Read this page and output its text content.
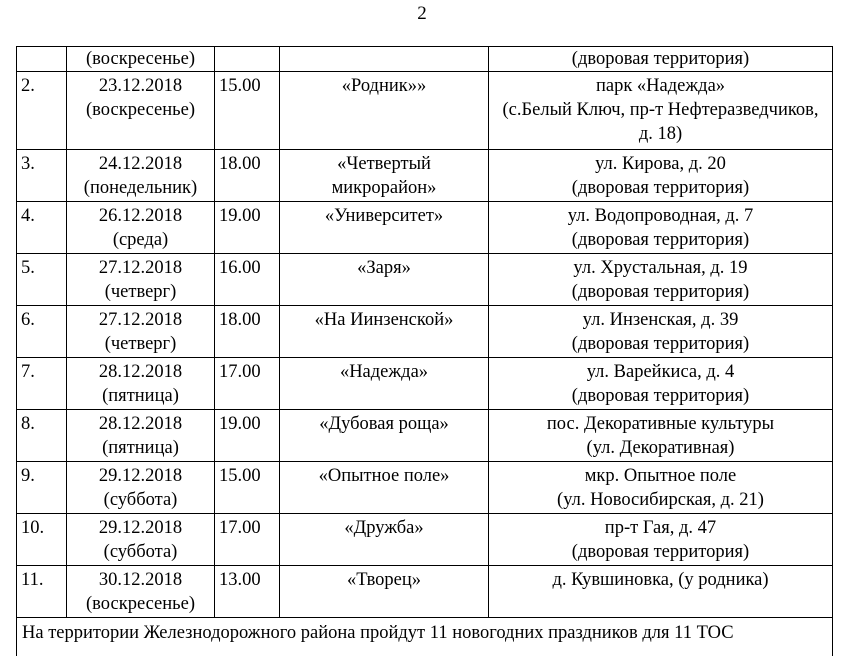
2

	(воскресенье)			(дворовая территория)

2.	23.12.2018
(воскресенье)	15.00	«Родник»»	парк «Надежда»
(с.Белый Ключ, пр-т Нефтеразведчиков,
д. 18)

3.	24.12.2018
(понедельник)	18.00	«Четвертый
микрорайон»	ул. Кирова, д. 20
(дворовая территория)

4.	26.12.2018
(среда)	19.00	«Университет»	ул. Водопроводная, д. 7
(дворовая территория)

5.	27.12.2018
(четверг)	16.00	«Заря»	ул. Хрустальная, д. 19
(дворовая территория)

6.	27.12.2018
(четверг)	18.00	«На Иинзенской»	ул. Инзенская, д. 39
(дворовая территория)

7.	28.12.2018
(пятница)	17.00	«Надежда»	ул. Варейкиса, д. 4
(дворовая территория)

8.	28.12.2018
(пятница)	19.00	«Дубовая роща»	пос. Декоративные культуры
(ул. Декоративная)

9.	29.12.2018
(суббота)	15.00	«Опытное поле»	мкр. Опытное поле
(ул. Новосибирская, д. 21)

10.	29.12.2018
(суббота)	17.00	«Дружба»	пр-т Гая, д. 47
(дворовая территория)

11.	30.12.2018
(воскресенье)	13.00	«Творец»	д. Кувшиновка, (у родника)
На территории Железнодорожного района пройдут 11 новогодних праздников для 11 ТОС
